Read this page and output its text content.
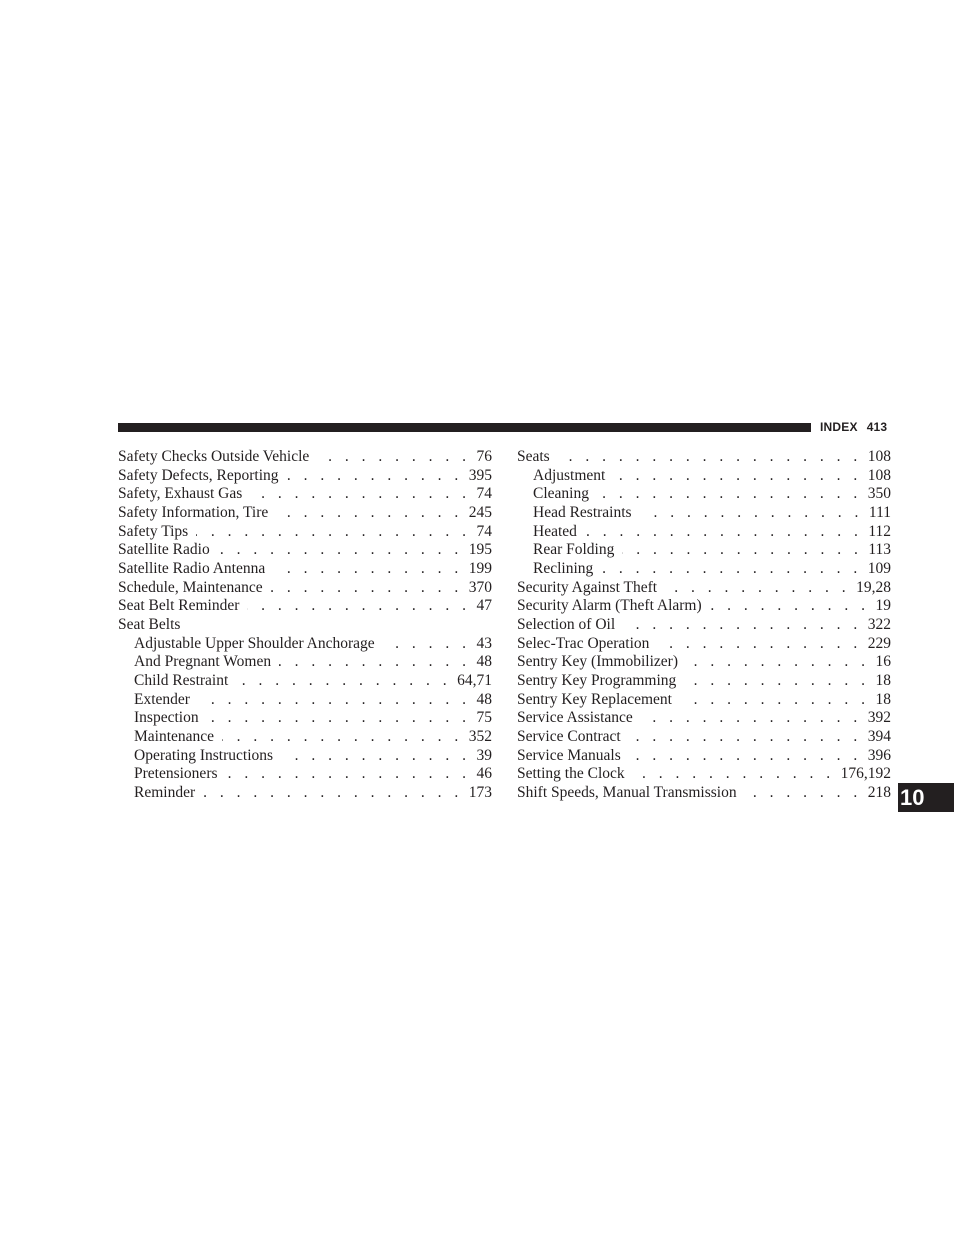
INDEX 413
Safety Checks Outside Vehicle . . .	76
Safety Defects, Reporting . . .	395
Safety, Exhaust Gas . . .	74
Safety Information, Tire . . .	245
Safety Tips . . .	74
Satellite Radio . . .	195
Satellite Radio Antenna . . .	199
Schedule, Maintenance . . .	370
Seat Belt Reminder . . .	47
Seat Belts
Adjustable Upper Shoulder Anchorage . . .	43
And Pregnant Women . . .	48
Child Restraint . . .	64,71
Extender . . .	48
Inspection . . .	75
Maintenance . . .	352
Operating Instructions . . .	39
Pretensioners . . .	46
Reminder . . .	173
Seats . . .	108
Adjustment . . .	108
Cleaning . . .	350
Head Restraints . . .	111
Heated . . .	112
Rear Folding . . .	113
Reclining . . .	109
Security Against Theft . . .	19,28
Security Alarm (Theft Alarm) . . .	19
Selection of Oil . . .	322
Selec-Trac Operation . . .	229
Sentry Key (Immobilizer) . . .	16
Sentry Key Programming . . .	18
Sentry Key Replacement . . .	18
Service Assistance . . .	392
Service Contract . . .	394
Service Manuals . . .	396
Setting the Clock . . .	176,192
Shift Speeds, Manual Transmission . . .	218 10
